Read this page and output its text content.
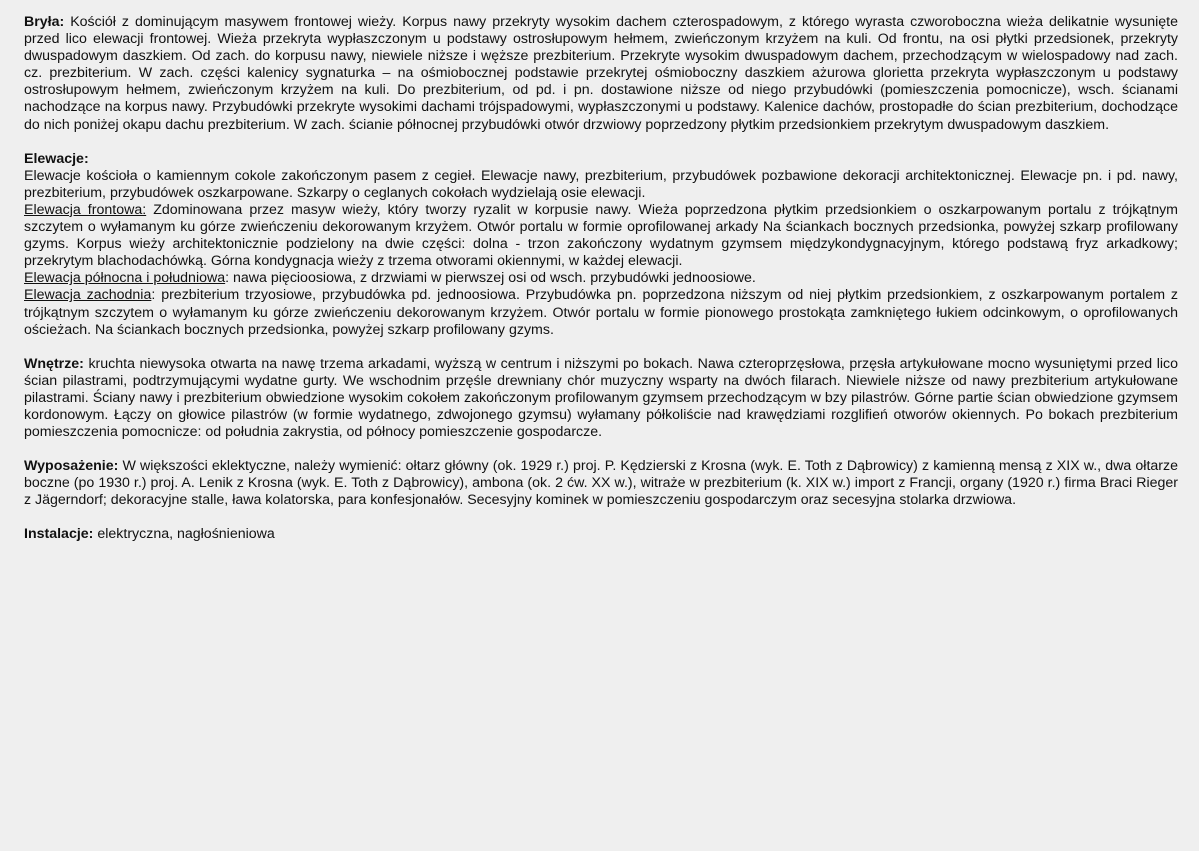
Bryła: Kościół z dominującym masywem frontowej wieży. Korpus nawy przekryty wysokim dachem czterospadowym, z którego wyrasta czworoboczna wieża delikatnie wysunięte przed lico elewacji frontowej. Wieża przekryta wypłaszczonym u podstawy ostrosłupowym hełmem, zwieńczonym krzyżem na kuli. Od frontu, na osi płytki przedsionek, przekryty dwuspadowym daszkiem. Od zach. do korpusu nawy, niewiele niższe i węższe prezbiterium. Przekryte wysokim dwuspadowym dachem, przechodzącym w wielospadowy nad zach. cz. prezbiterium. W zach. części kalenicy sygnaturka – na ośmiobocznej podstawie przekrytej ośmioboczny daszkiem ażurowa glorietta przekryta wypłaszczonym u podstawy ostrosłupowym hełmem, zwieńczonym krzyżem na kuli. Do prezbiterium, od pd. i pn. dostawione niższe od niego przybudówki (pomieszczenia pomocnicze), wsch. ścianami nachodzące na korpus nawy. Przybudówki przekryte wysokimi dachami trójspadowymi, wypłaszczonymi u podstawy. Kalenice dachów, prostopadłe do ścian prezbiterium, dochodzące do nich poniżej okapu dachu prezbiterium. W zach. ścianie północnej przybudówki otwór drzwiowy poprzedzony płytkim przedsionkiem przekrytym dwuspadowym daszkiem.

Elewacje:
Elewacje kościoła o kamiennym cokole zakończonym pasem z cegieł. Elewacje nawy, prezbiterium, przybudówek pozbawione dekoracji architektonicznej. Elewacje pn. i pd. nawy, prezbiterium, przybudówek oszkarpowane. Szkarpy o ceglanych cokołach wydzielają osie elewacji.
Elewacja frontowa: Zdominowana przez masyw wieży, który tworzy ryzalit w korpusie nawy. Wieża poprzedzona płytkim przedsionkiem o oszkarpowanym portalu z trójkątnym szczytem o wyłamanym ku górze zwieńczeniu dekorowanym krzyżem. Otwór portalu w formie oprofilowanej arkady Na ściankach bocznych przedsionka, powyżej szkarp profilowany gzyms. Korpus wieży architektonicznie podzielony na dwie części: dolna - trzon zakończony wydatnym gzymsem międzykondygnacyjnym, którego podstawą fryz arkadkowy; przekrytym blachodachówką. Górna kondygnacja wieży z trzema otworami okiennymi, w każdej elewacji.
Elewacja północna i południowa: nawa pięcioosiowa, z drzwiami w pierwszej osi od wsch. przybudówki jednoosiowe.
Elewacja zachodnia: prezbiterium trzyosiowe, przybudówka pd. jednoosiowa. Przybudówka pn. poprzedzona niższym od niej płytkim przedsionkiem, z oszkarpowanym portalem z trójkątnym szczytem o wyłamanym ku górze zwieńczeniu dekorowanym krzyżem. Otwór portalu w formie pionowego prostokąta zamkniętego łukiem odcinkowym, o oprofilowanych ościeżach. Na ściankach bocznych przedsionka, powyżej szkarp profilowany gzyms.

Wnętrze: kruchta niewysoka otwarta na nawę trzema arkadami, wyższą w centrum i niższymi po bokach. Nawa czteroprzęsłowa, przęsła artykułowane mocno wysuniętymi przed lico ścian pilastrami, podtrzymującymi wydatne gurty. We wschodnim przęśle drewniany chór muzyczny wsparty na dwóch filarach. Niewiele niższe od nawy prezbiterium artykułowane pilastrami. Ściany nawy i prezbiterium obwiedzione wysokim cokołem zakończonym profilowanym gzymsem przechodzącym w bzy pilastrów. Górne partie ścian obwiedzione gzymsem kordonowym. Łączy on głowice pilastrów (w formie wydatnego, zdwojonego gzymsu) wyłamany półkoliście nad krawędziami rozglifień otworów okiennych. Po bokach prezbiterium pomieszczenia pomocnicze: od południa zakrystia, od północy pomieszczenie gospodarcze.

Wyposażenie: W większości eklektyczne, należy wymienić: ołtarz główny (ok. 1929 r.) proj. P. Kędzierski z Krosna (wyk. E. Toth z Dąbrowicy) z kamienną mensą z XIX w., dwa ołtarze boczne (po 1930 r.) proj. A. Lenik z Krosna (wyk. E. Toth z Dąbrowicy), ambona (ok. 2 ćw. XX w.), witraże w prezbiterium (k. XIX w.) import z Francji, organy (1920 r.) firma Braci Rieger z Jägerndorf; dekoracyjne stalle, ława kolatorska, para konfesjonałów. Secesyjny kominek w pomieszczeniu gospodarczym oraz secesyjna stolarka drzwiowa.

Instalacje: elektryczna, nagłośnieniowa
